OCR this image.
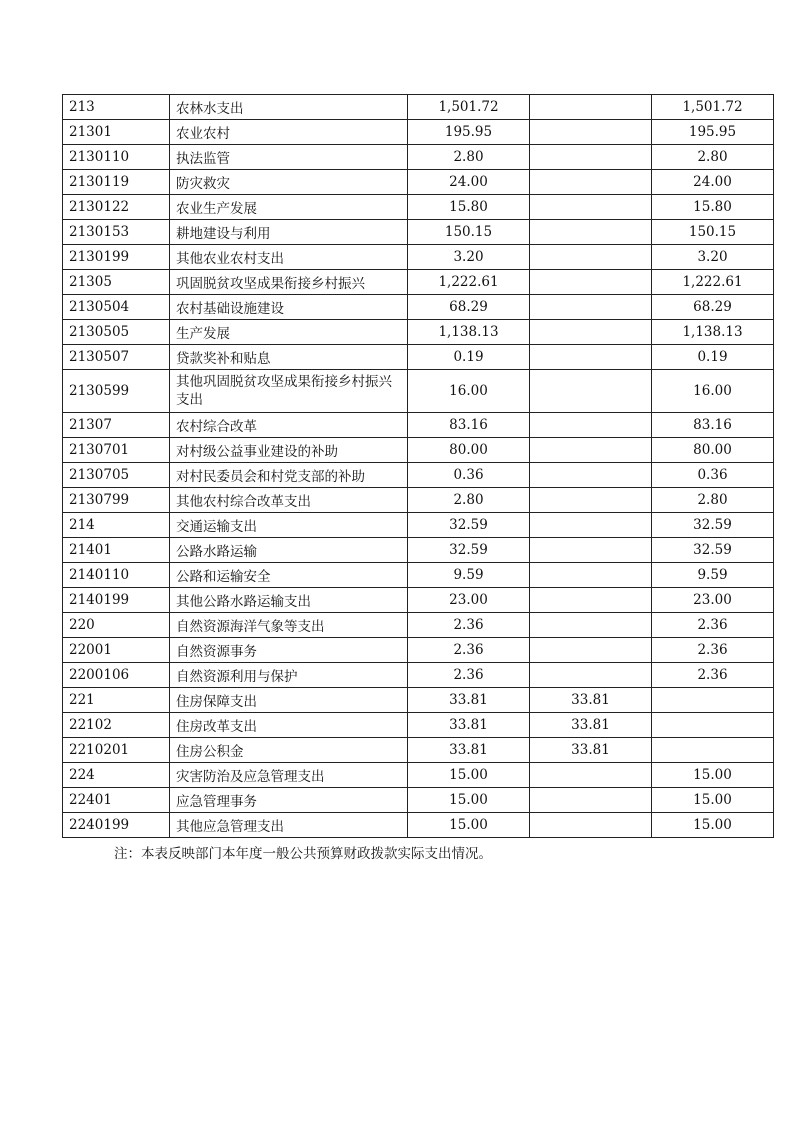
213	农林水支出	1,501.72		1,501.72
21301	农业农村	195.95		195.95
2130110	执法监管	2.80		2.80
2130119	防灾救灾	24.00		24.00
2130122	农业生产发展	15.80		15.80
2130153	耕地建设与利用	150.15		150.15
2130199	其他农业农村支出	3.20		3.20
21305	巩固脱贫攻坚成果衔接乡村振兴	1,222.61		1,222.61
2130504	农村基础设施建设	68.29		68.29
2130505	生产发展	1,138.13		1,138.13
2130507	贷款奖补和贴息	0.19		0.19
2130599	其他巩固脱贫攻坚成果衔接乡村振兴支出	16.00		16.00
21307	农村综合改革	83.16		83.16
2130701	对村级公益事业建设的补助	80.00		80.00
2130705	对村民委员会和村党支部的补助	0.36		0.36
2130799	其他农村综合改革支出	2.80		2.80
214	交通运输支出	32.59		32.59
21401	公路水路运输	32.59		32.59
2140110	公路和运输安全	9.59		9.59
2140199	其他公路水路运输支出	23.00		23.00
220	自然资源海洋气象等支出	2.36		2.36
22001	自然资源事务	2.36		2.36
2200106	自然资源利用与保护	2.36		2.36
221	住房保障支出	33.81	33.81	
22102	住房改革支出	33.81	33.81	
2210201	住房公积金	33.81	33.81	
224	灾害防治及应急管理支出	15.00		15.00
22401	应急管理事务	15.00		15.00
2240199	其他应急管理支出	15.00		15.00
注：本表反映部门本年度一般公共预算财政拨款实际支出情况。
